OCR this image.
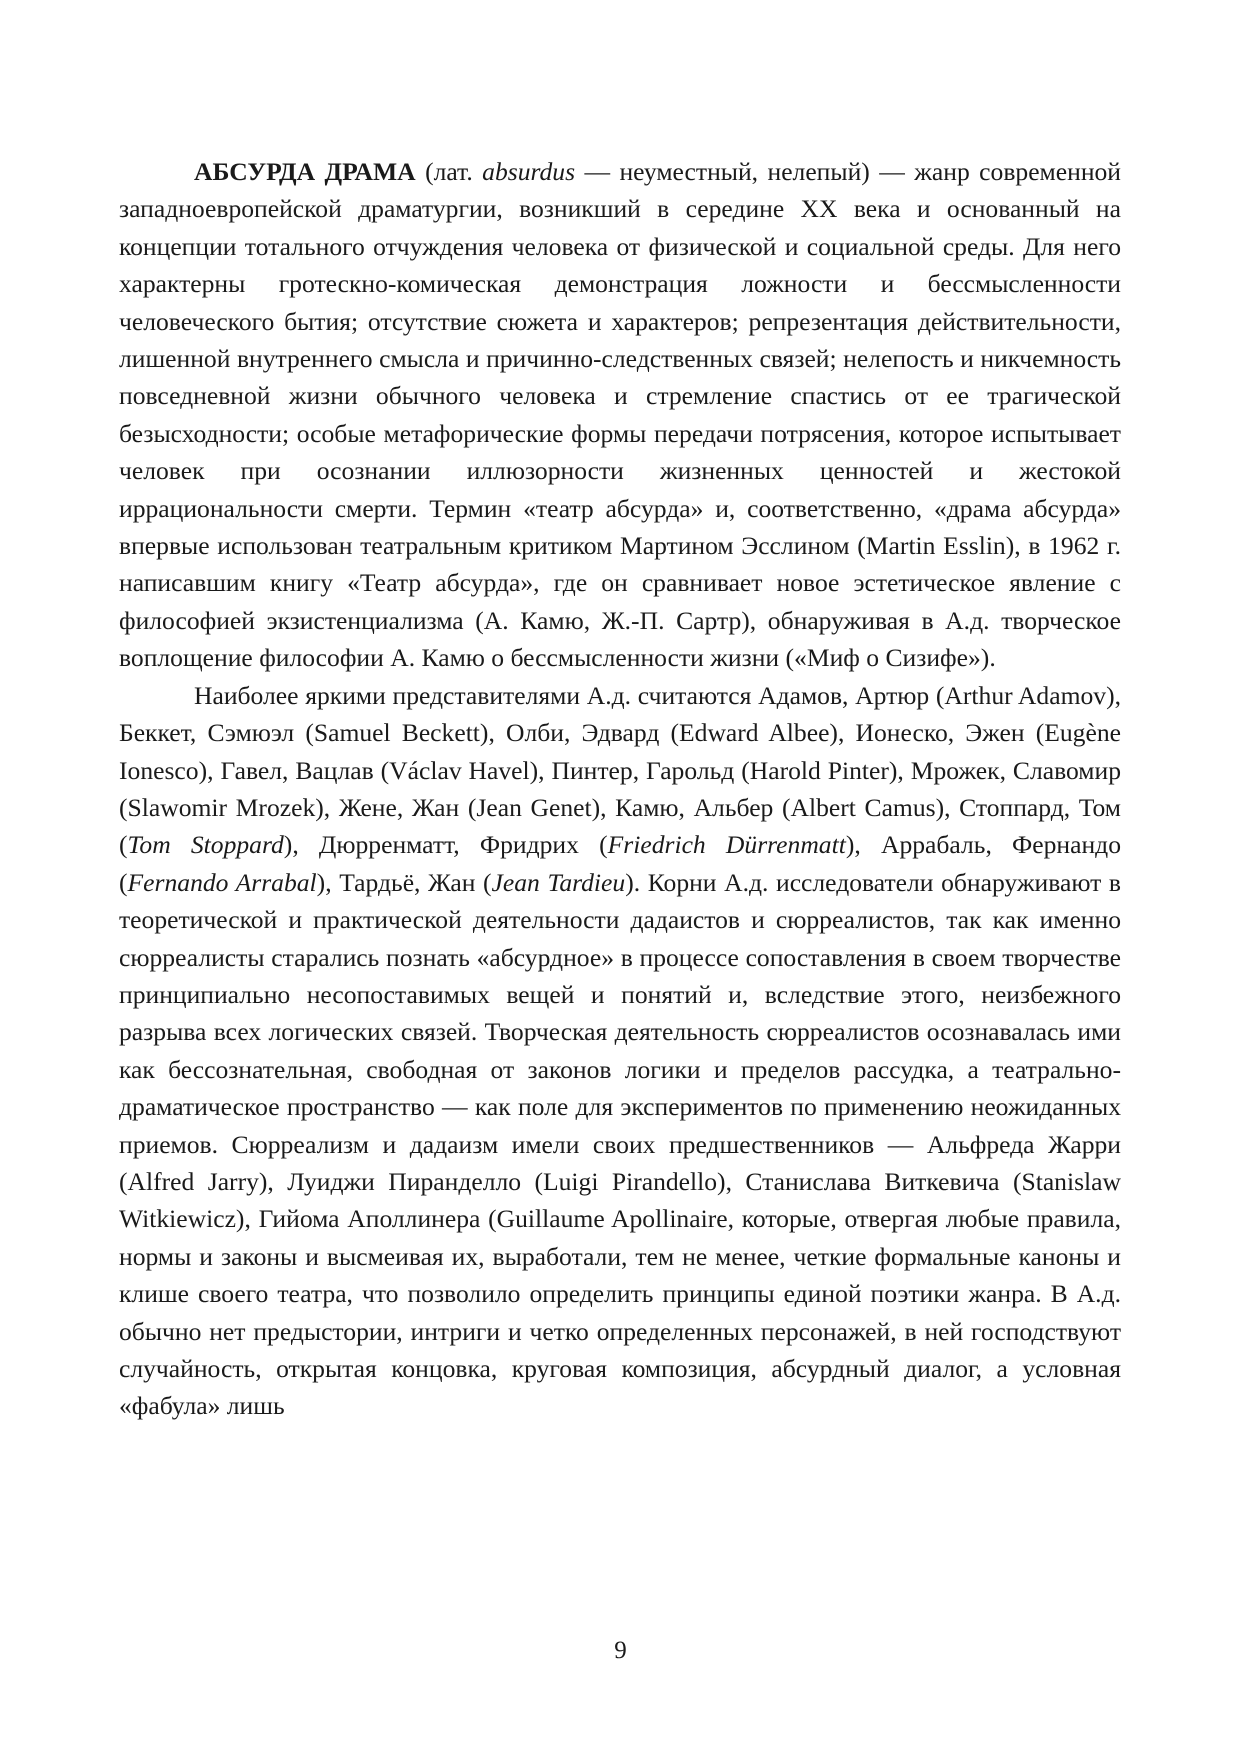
АБСУРДА ДРАМА (лат. absurdus — неуместный, нелепый) — жанр современной западноевропейской драматургии, возникший в середине XX века и основанный на концепции тотального отчуждения человека от физической и социальной среды. Для него характерны гротескно-комическая демонстрация ложности и бессмысленности человеческого бытия; отсутствие сюжета и характеров; репрезентация действительности, лишенной внутреннего смысла и причинно-следственных связей; нелепость и никчемность повседневной жизни обычного человека и стремление спастись от ее трагической безысходности; особые метафорические формы передачи потрясения, которое испытывает человек при осознании иллюзорности жизненных ценностей и жестокой иррациональности смерти. Термин «театр абсурда» и, соответственно, «драма абсурда» впервые использован театральным критиком Мартином Эсслином (Martin Esslin), в 1962 г. написавшим книгу «Театр абсурда», где он сравнивает новое эстетическое явление с философией экзистенциализма (А. Камю, Ж.-П. Сартр), обнаруживая в А.д. творческое воплощение философии А. Камю о бессмысленности жизни («Миф о Сизифе»).

Наиболее яркими представителями А.д. считаются Адамов, Артюр (Arthur Adamov), Беккет, Сэмюэл (Samuel Beckett), Олби, Эдвард (Edward Albee), Ионеско, Эжен (Eugène Ionesco), Гавел, Вацлав (Václav Havel), Пинтер, Гарольд (Harold Pinter), Мрожек, Славомир (Slawomir Mrozek), Жене, Жан (Jean Genet), Камю, Альбер (Albert Camus), Стоппард, Том (Tom Stoppard), Дюрренматт, Фридрих (Friedrich Dürrenmatt), Аррабаль, Фернандо (Fernando Arrabal), Тардьё, Жан (Jean Tardieu). Корни А.д. исследователи обнаруживают в теоретической и практической деятельности дадаистов и сюрреалистов, так как именно сюрреалисты старались познать «абсурдное» в процессе сопоставления в своем творчестве принципиально несопоставимых вещей и понятий и, вследствие этого, неизбежного разрыва всех логических связей. Творческая деятельность сюрреалистов осознавалась ими как бессознательная, свободная от законов логики и пределов рассудка, а театрально-драматическое пространство — как поле для экспериментов по применению неожиданных приемов. Сюрреализм и дадаизм имели своих предшественников — Альфреда Жарри (Alfred Jarry), Луиджи Пиранделло (Luigi Pirandello), Станислава Виткевича (Stanislaw Witkiewicz), Гийома Аполлинера (Guillaume Apollinaire, которые, отвергая любые правила, нормы и законы и высмеивая их, выработали, тем не менее, четкие формальные каноны и клише своего театра, что позволило определить принципы единой поэтики жанра. В А.д. обычно нет предыстории, интриги и четко определенных персонажей, в ней господствуют случайность, открытая концовка, круговая композиция, абсурдный диалог, а условная «фабула» лишь

9
